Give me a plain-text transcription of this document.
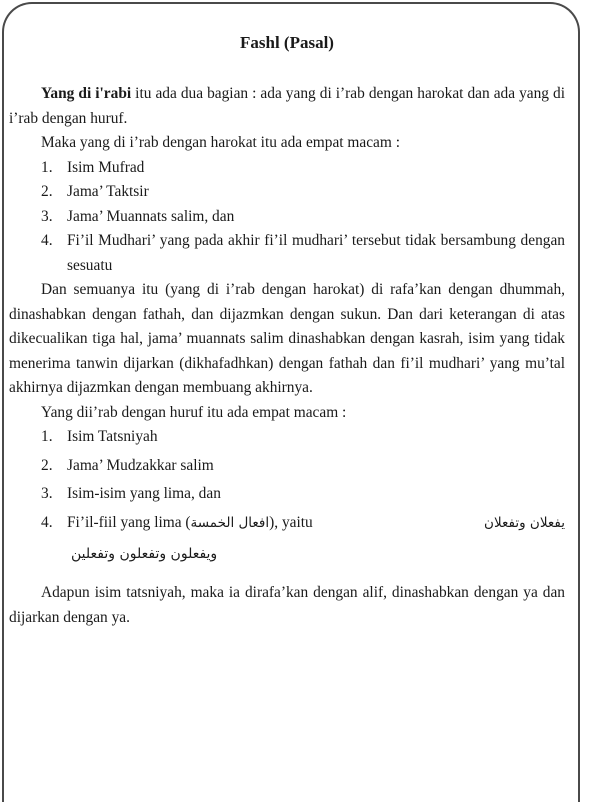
Fashl (Pasal)

Yang di i'rabi itu ada dua bagian : ada yang di i’rab dengan harokat dan ada yang di i’rab dengan huruf.

Maka yang di i’rab dengan harokat itu ada empat macam :

1. Isim Mufrad
2. Jama’ Taktsir
3. Jama’ Muannats salim, dan
4. Fi’il Mudhari’ yang pada akhir fi’il mudhari’ tersebut tidak bersambung dengan sesuatu

Dan semuanya itu (yang di i’rab dengan harokat) di rafa’kan dengan dhummah, dinashabkan dengan fathah, dan dijazmkan dengan sukun. Dan dari keterangan di atas dikecualikan tiga hal, jama’ muannats salim dinashabkan dengan kasrah, isim yang tidak menerima tanwin dijarkan (dikhafadhkan) dengan fathah dan fi’il mudhari’ yang mu’tal akhirnya dijazmkan dengan membuang akhirnya.

Yang dii’rab dengan huruf itu ada empat macam :

1. Isim Tatsniyah
2. Jama’ Mudzakkar salim
3. Isim-isim yang lima, dan
4. Fi’il-fiil yang lima (افعال الخمسة), yaitu	يفعلان وتفعلان
ويفعلون وتفعلون وتفعلين

Adapun isim tatsniyah, maka ia dirafa’kan dengan alif, dinashabkan dengan ya dan dijarkan dengan ya.
